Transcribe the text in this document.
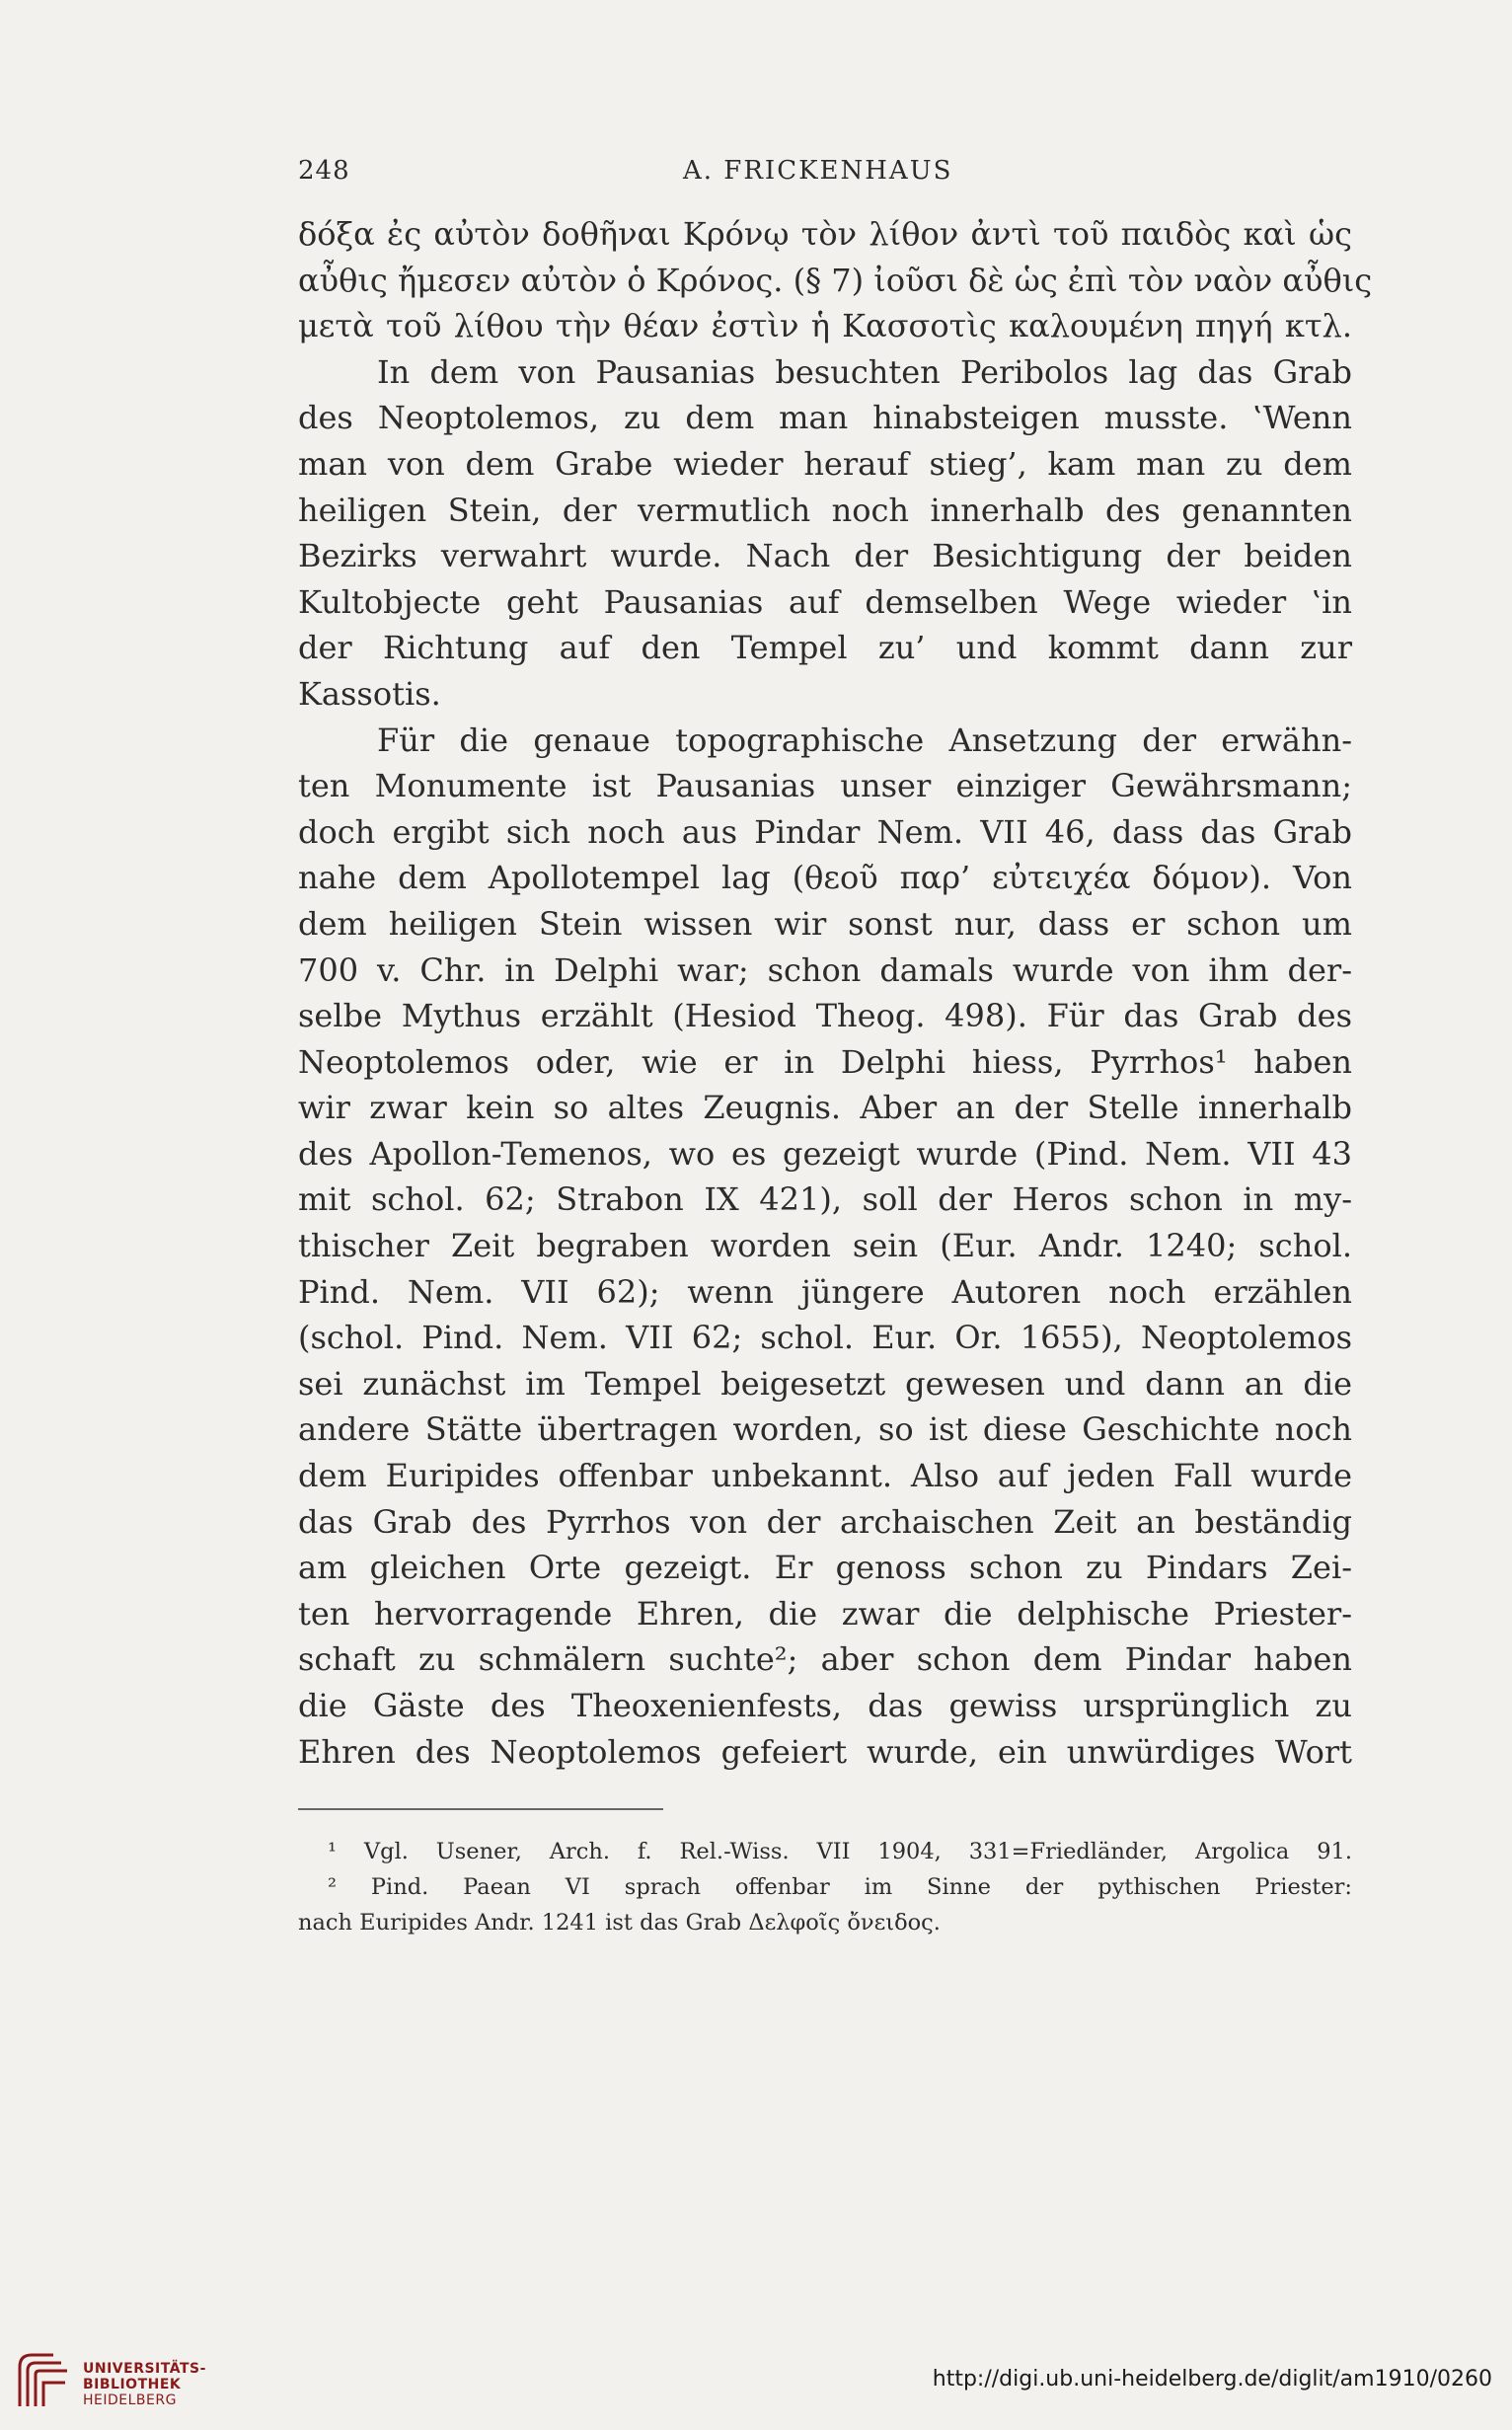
248	A. FRICKENHAUS
δόξα ἐς αὐτὸν δοθῆναι Κρόνῳ τὸν λίθον ἀντὶ τοῦ παιδὸς καὶ ὡς
αὖθις ἤμεσεν αὐτὸν ὁ Κρόνος. (§ 7) ἰοῦσι δὲ ὡς ἐπὶ τὸν ναὸν αὖθις
μετὰ τοῦ λίθου τὴν θέαν ἐστὶν ἡ Κασσοτὶς καλουμένη πηγή κτλ.
In dem von Pausanias besuchten Peribolos lag das Grab
des Neoptolemos, zu dem man hinabsteigen musste. ‛Wenn
man von dem Grabe wieder herauf stieg’, kam man zu dem
heiligen Stein, der vermutlich noch innerhalb des genannten
Bezirks verwahrt wurde. Nach der Besichtigung der beiden
Kultobjecte geht Pausanias auf demselben Wege wieder ‛in
der Richtung auf den Tempel zu’ und kommt dann zur
Kassotis.
Für die genaue topographische Ansetzung der erwähn-
ten Monumente ist Pausanias unser einziger Gewährsmann;
doch ergibt sich noch aus Pindar Nem. VII 46, dass das Grab
nahe dem Apollotempel lag (θεοῦ παρ’ εὐτειχέα δόμον). Von
dem heiligen Stein wissen wir sonst nur, dass er schon um
700 v. Chr. in Delphi war; schon damals wurde von ihm der-
selbe Mythus erzählt (Hesiod Theog. 498). Für das Grab des
Neoptolemos oder, wie er in Delphi hiess, Pyrrhos¹ haben
wir zwar kein so altes Zeugnis. Aber an der Stelle innerhalb
des Apollon-Temenos, wo es gezeigt wurde (Pind. Nem. VII 43
mit schol. 62; Strabon IX 421), soll der Heros schon in my-
thischer Zeit begraben worden sein (Eur. Andr. 1240; schol.
Pind. Nem. VII 62); wenn jüngere Autoren noch erzählen
(schol. Pind. Nem. VII 62; schol. Eur. Or. 1655), Neoptolemos
sei zunächst im Tempel beigesetzt gewesen und dann an die
andere Stätte übertragen worden, so ist diese Geschichte noch
dem Euripides offenbar unbekannt. Also auf jeden Fall wurde
das Grab des Pyrrhos von der archaischen Zeit an beständig
am gleichen Orte gezeigt. Er genoss schon zu Pindars Zei-
ten hervorragende Ehren, die zwar die delphische Priester-
schaft zu schmälern suchte²; aber schon dem Pindar haben
die Gäste des Theoxenienfests, das gewiss ursprünglich zu
Ehren des Neoptolemos gefeiert wurde, ein unwürdiges Wort
¹ Vgl. Usener, Arch. f. Rel.-Wiss. VII 1904, 331=Friedländer, Argolica 91.
² Pind. Paean VI sprach offenbar im Sinne der pythischen Priester:
nach Euripides Andr. 1241 ist das Grab Δελφοῖς ὄνειδος.
UNIVERSITÄTS-
BIBLIOTHEK
HEIDELBERG
http://digi.ub.uni-heidelberg.de/diglit/am1910/0260
